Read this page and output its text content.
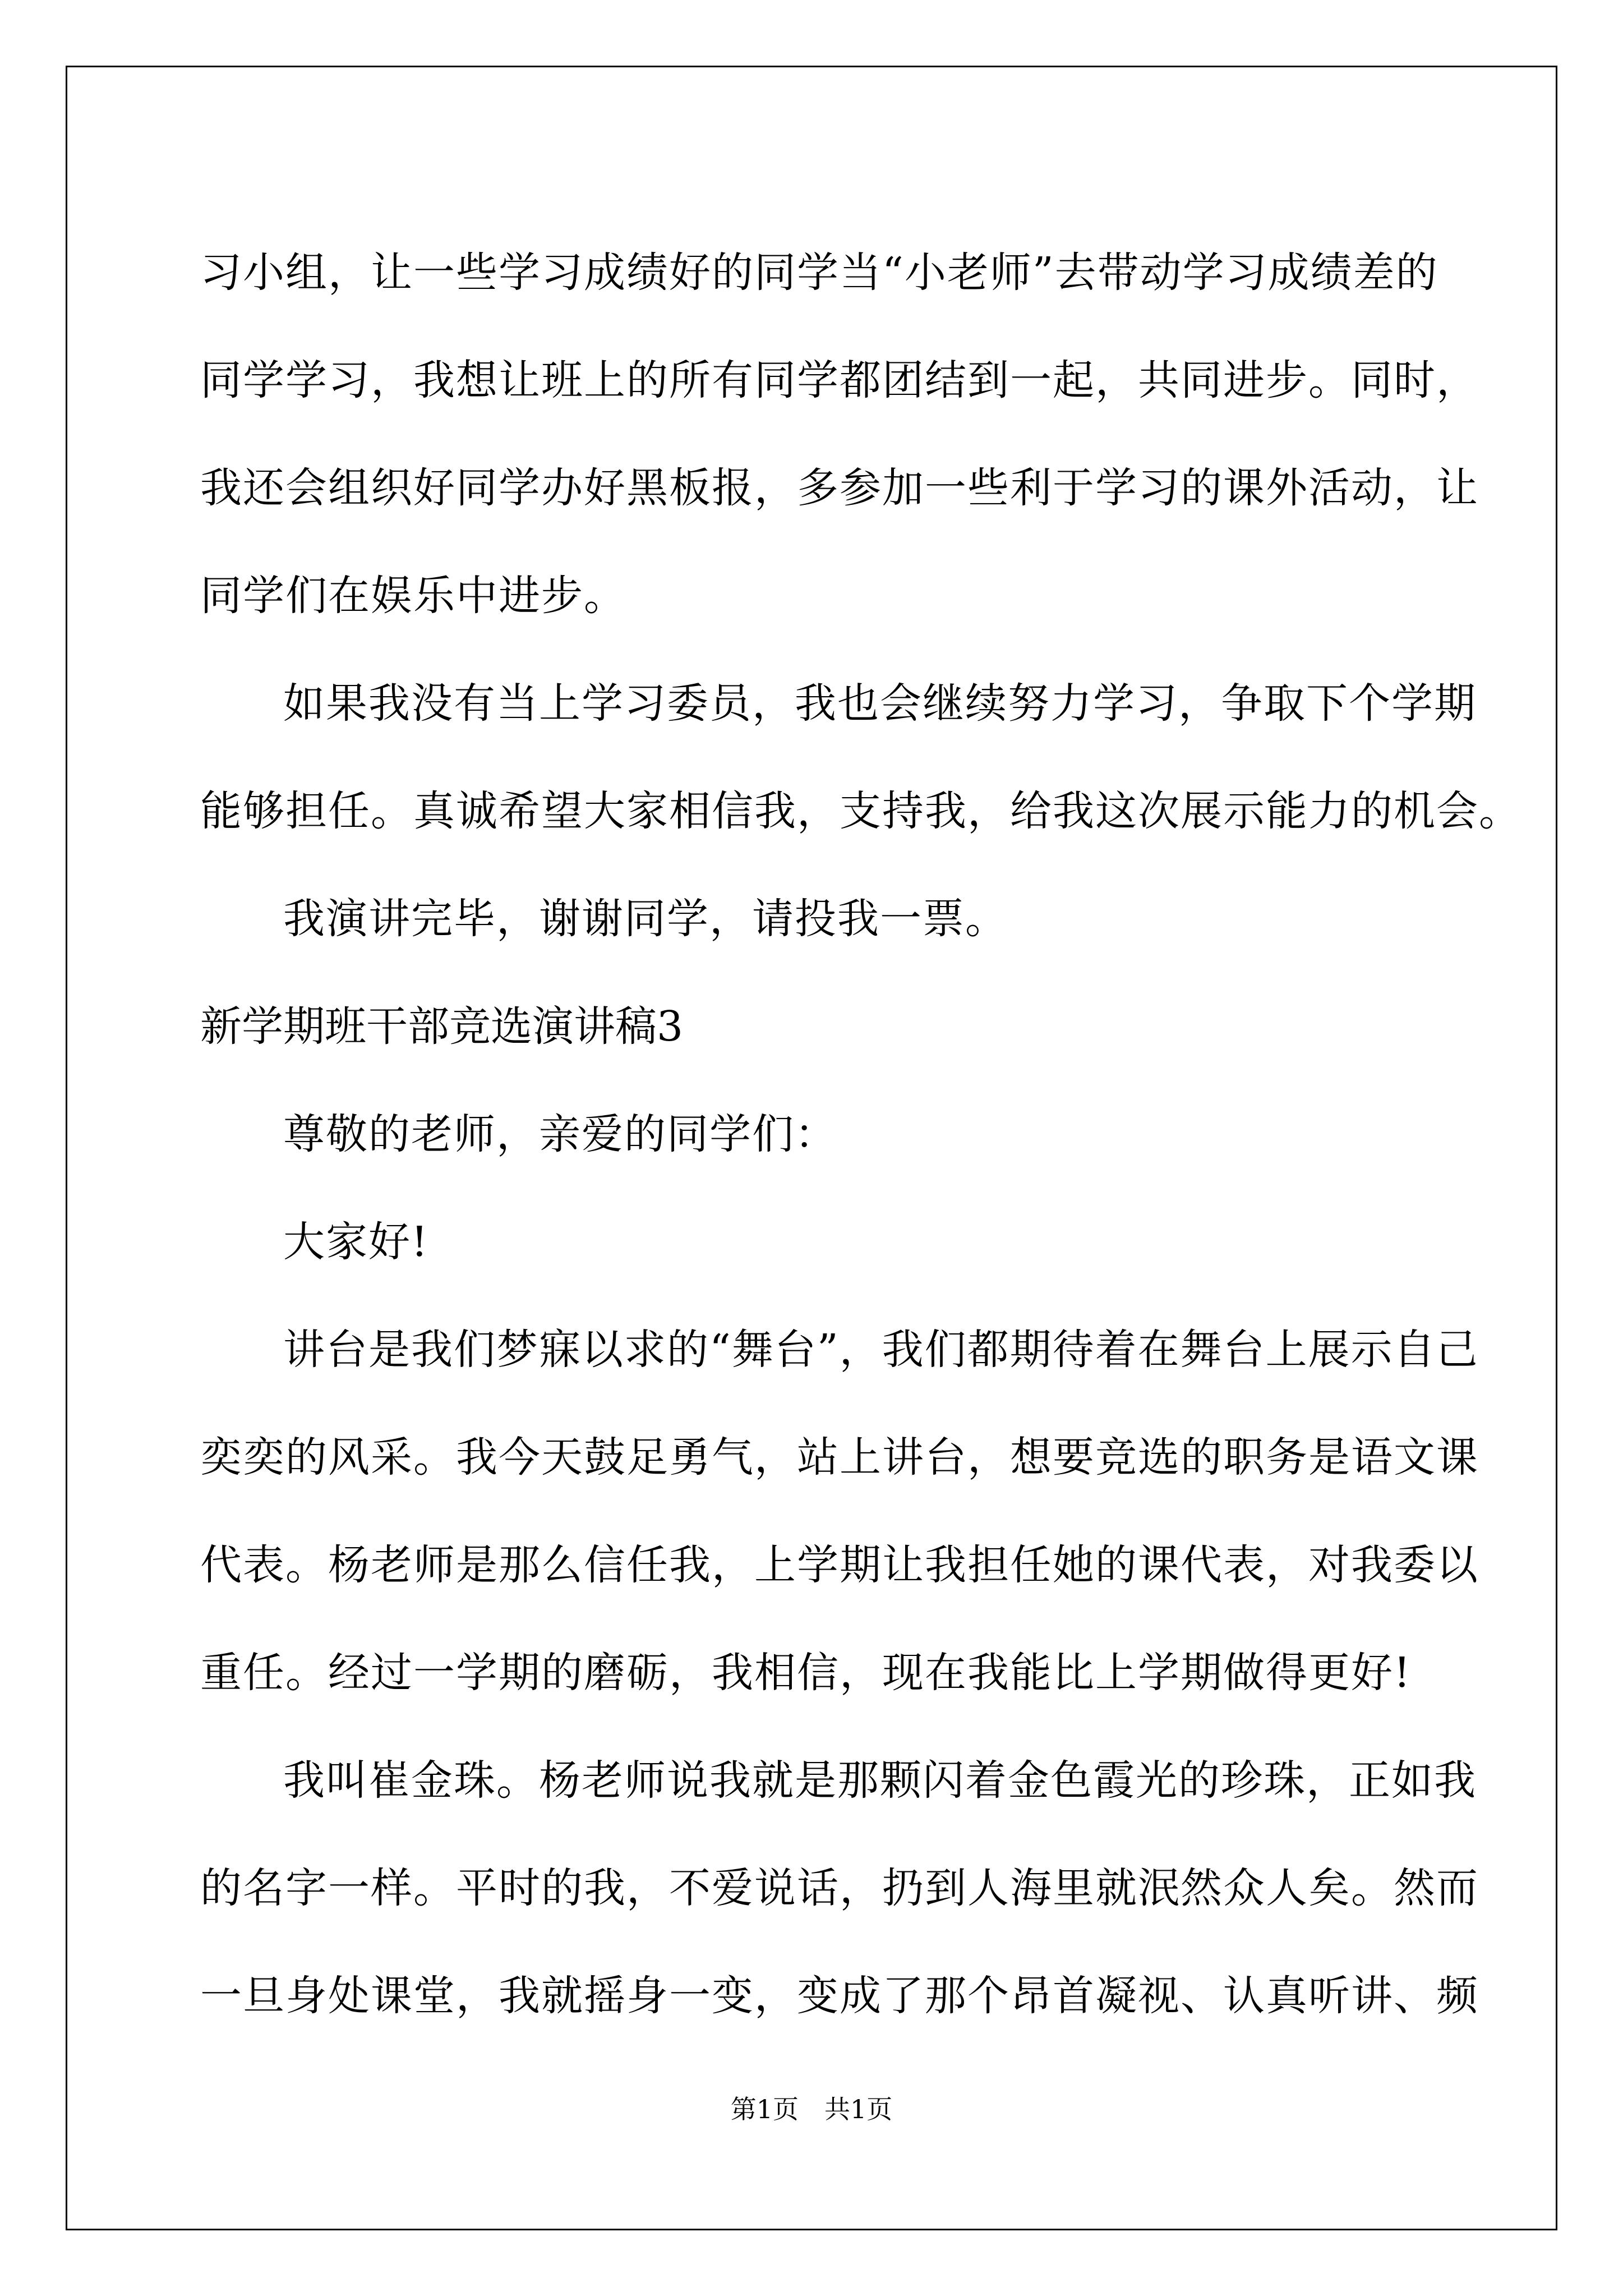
习小组，让一些学习成绩好的同学当“小老师”去带动学习成绩差的
同学学习，我想让班上的所有同学都团结到一起，共同进步。同时，
我还会组织好同学办好黑板报，多参加一些利于学习的课外活动，让
同学们在娱乐中进步。
如果我没有当上学习委员，我也会继续努力学习，争取下个学期
能够担任。真诚希望大家相信我，支持我，给我这次展示能力的机会。
我演讲完毕，谢谢同学，请投我一票。
新学期班干部竞选演讲稿3
尊敬的老师，亲爱的同学们：
大家好!
讲台是我们梦寐以求的“舞台”，我们都期待着在舞台上展示自己
奕奕的风采。我今天鼓足勇气，站上讲台，想要竞选的职务是语文课
代表。杨老师是那么信任我，上学期让我担任她的课代表，对我委以
重任。经过一学期的磨砺，我相信，现在我能比上学期做得更好!
我叫崔金珠。杨老师说我就是那颗闪着金色霞光的珍珠，正如我
的名字一样。平时的我，不爱说话，扔到人海里就泯然众人矣。然而
一旦身处课堂，我就摇身一变，变成了那个昂首凝视、认真听讲、频
第1页　共1页
